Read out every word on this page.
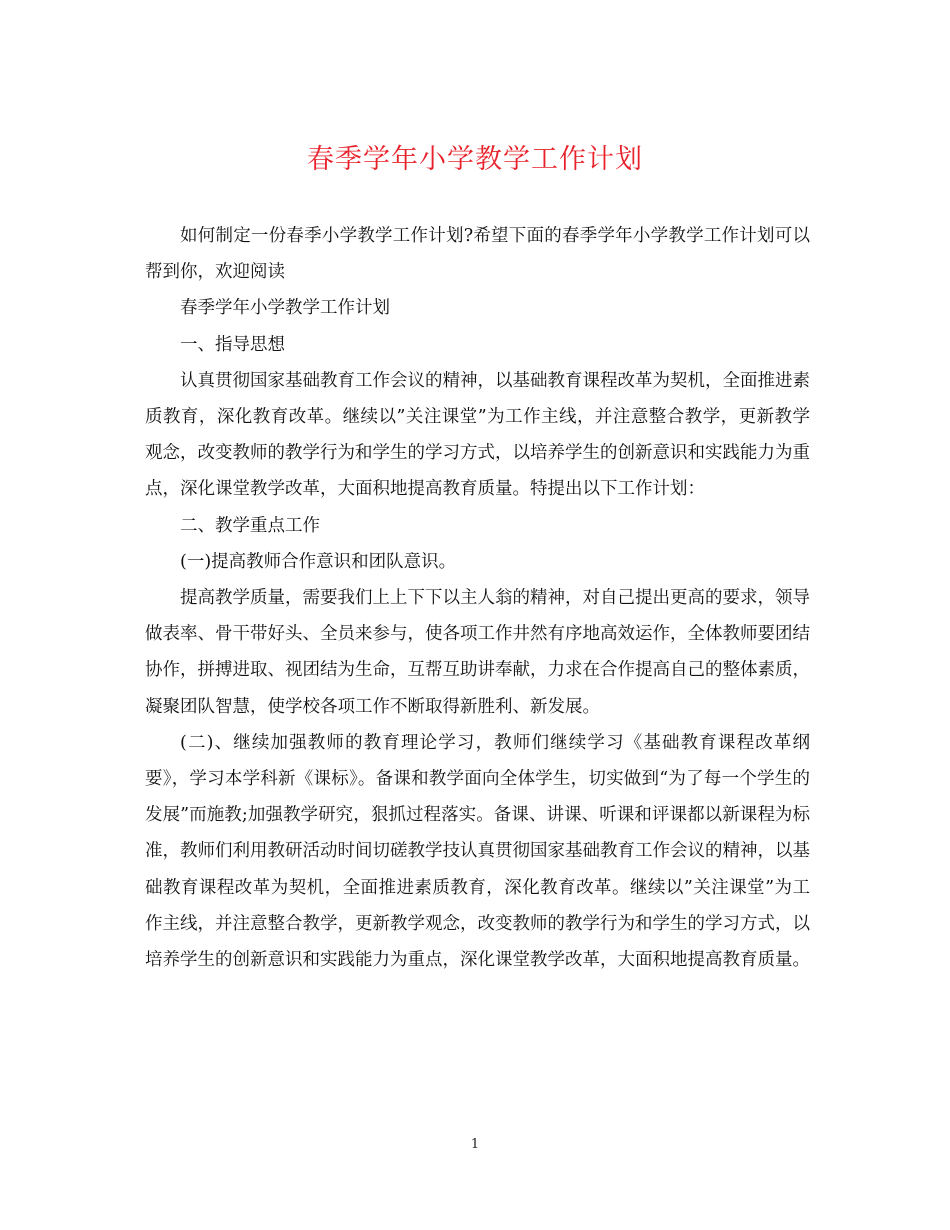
春季学年小学教学工作计划

如何制定一份春季小学教学工作计划?希望下面的春季学年小学教学工作计划可以帮到你，欢迎阅读

春季学年小学教学工作计划

一、指导思想

认真贯彻国家基础教育工作会议的精神，以基础教育课程改革为契机，全面推进素质教育，深化教育改革。继续以”关注课堂”为工作主线，并注意整合教学，更新教学观念，改变教师的教学行为和学生的学习方式，以培养学生的创新意识和实践能力为重点，深化课堂教学改革，大面积地提高教育质量。特提出以下工作计划：

二、教学重点工作

(一)提高教师合作意识和团队意识。

提高教学质量，需要我们上上下下以主人翁的精神，对自己提出更高的要求，领导做表率、骨干带好头、全员来参与，使各项工作井然有序地高效运作，全体教师要团结协作，拼搏进取、视团结为生命，互帮互助讲奉献，力求在合作提高自己的整体素质，凝聚团队智慧，使学校各项工作不断取得新胜利、新发展。

(二)、继续加强教师的教育理论学习，教师们继续学习《基础教育课程改革纲要》，学习本学科新《课标》。备课和教学面向全体学生，切实做到“为了每一个学生的发展”而施教;加强教学研究，狠抓过程落实。备课、讲课、听课和评课都以新课程为标准，教师们利用教研活动时间切磋教学技认真贯彻国家基础教育工作会议的精神，以基础教育课程改革为契机，全面推进素质教育，深化教育改革。继续以”关注课堂”为工作主线，并注意整合教学，更新教学观念，改变教师的教学行为和学生的学习方式，以培养学生的创新意识和实践能力为重点，深化课堂教学改革，大面积地提高教育质量。

1
